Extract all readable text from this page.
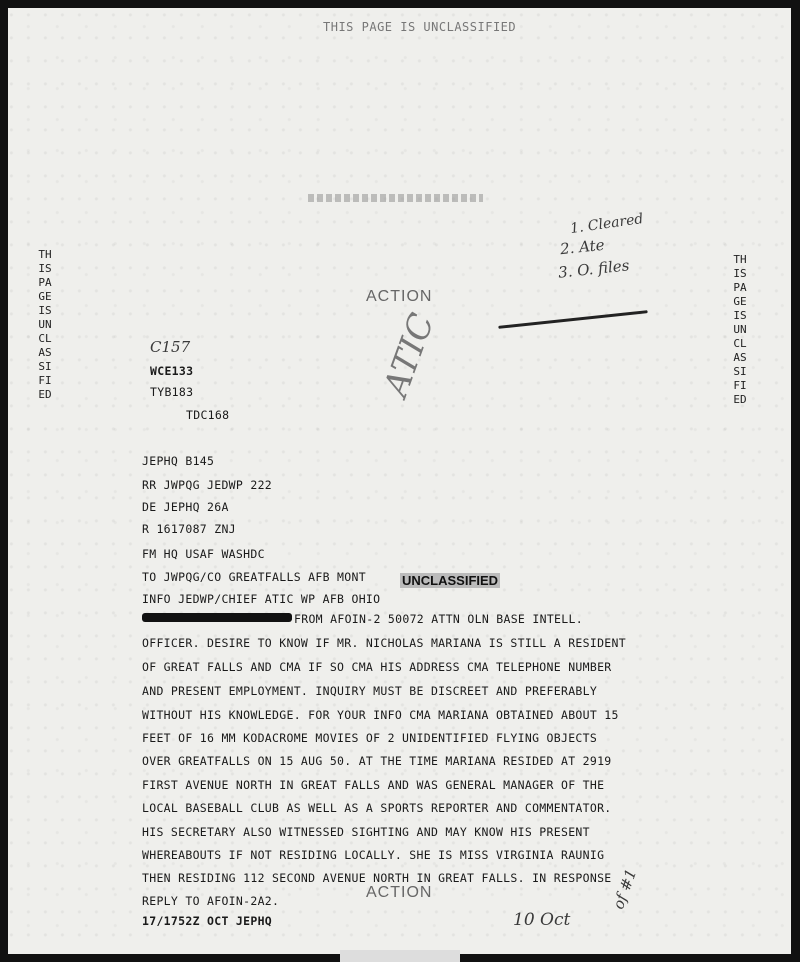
THIS PAGE IS UNCLASSIFIED
THIS PAGE IS UNCLASSIFIED
THIS PAGE IS UNCLASSIFIED
1. Cleared
2. Ate
3. O. files
ACTION
C157	ATIC
WCE133
TYB183
TDC168
JEPHQ B145
RR JWPQG JEDWP 222
DE JEPHQ 26A
R 1617087 ZNJ
FM HQ USAF WASHDC
TO JWPQG/CO GREATFALLS AFB MONT
INFO JEDWP/CHIEF ATIC WP AFB OHIO
UNCLASSIFIED
FROM AFOIN-2 50072 ATTN OLN BASE INTELL.
OFFICER. DESIRE TO KNOW IF MR. NICHOLAS MARIANA IS STILL A RESIDENT
OF GREAT FALLS AND CMA IF SO CMA HIS ADDRESS CMA TELEPHONE NUMBER
AND PRESENT EMPLOYMENT. INQUIRY MUST BE DISCREET AND PREFERABLY
WITHOUT HIS KNOWLEDGE. FOR YOUR INFO CMA MARIANA OBTAINED ABOUT 15
FEET OF 16 MM KODACROME MOVIES OF 2 UNIDENTIFIED FLYING OBJECTS
OVER GREATFALLS ON 15 AUG 50. AT THE TIME MARIANA RESIDED AT 2919
FIRST AVENUE NORTH IN GREAT FALLS AND WAS GENERAL MANAGER OF THE
LOCAL BASEBALL CLUB AS WELL AS A SPORTS REPORTER AND COMMENTATOR.
HIS SECRETARY ALSO WITNESSED SIGHTING AND MAY KNOW HIS PRESENT
WHEREABOUTS IF NOT RESIDING LOCALLY. SHE IS MISS VIRGINIA RAUNIG
THEN RESIDING 112 SECOND AVENUE NORTH IN GREAT FALLS. IN RESPONSE
REPLY TO AFOIN-2A2.	ACTION
17/1752Z OCT JEPHQ	10 Oct
of #1
